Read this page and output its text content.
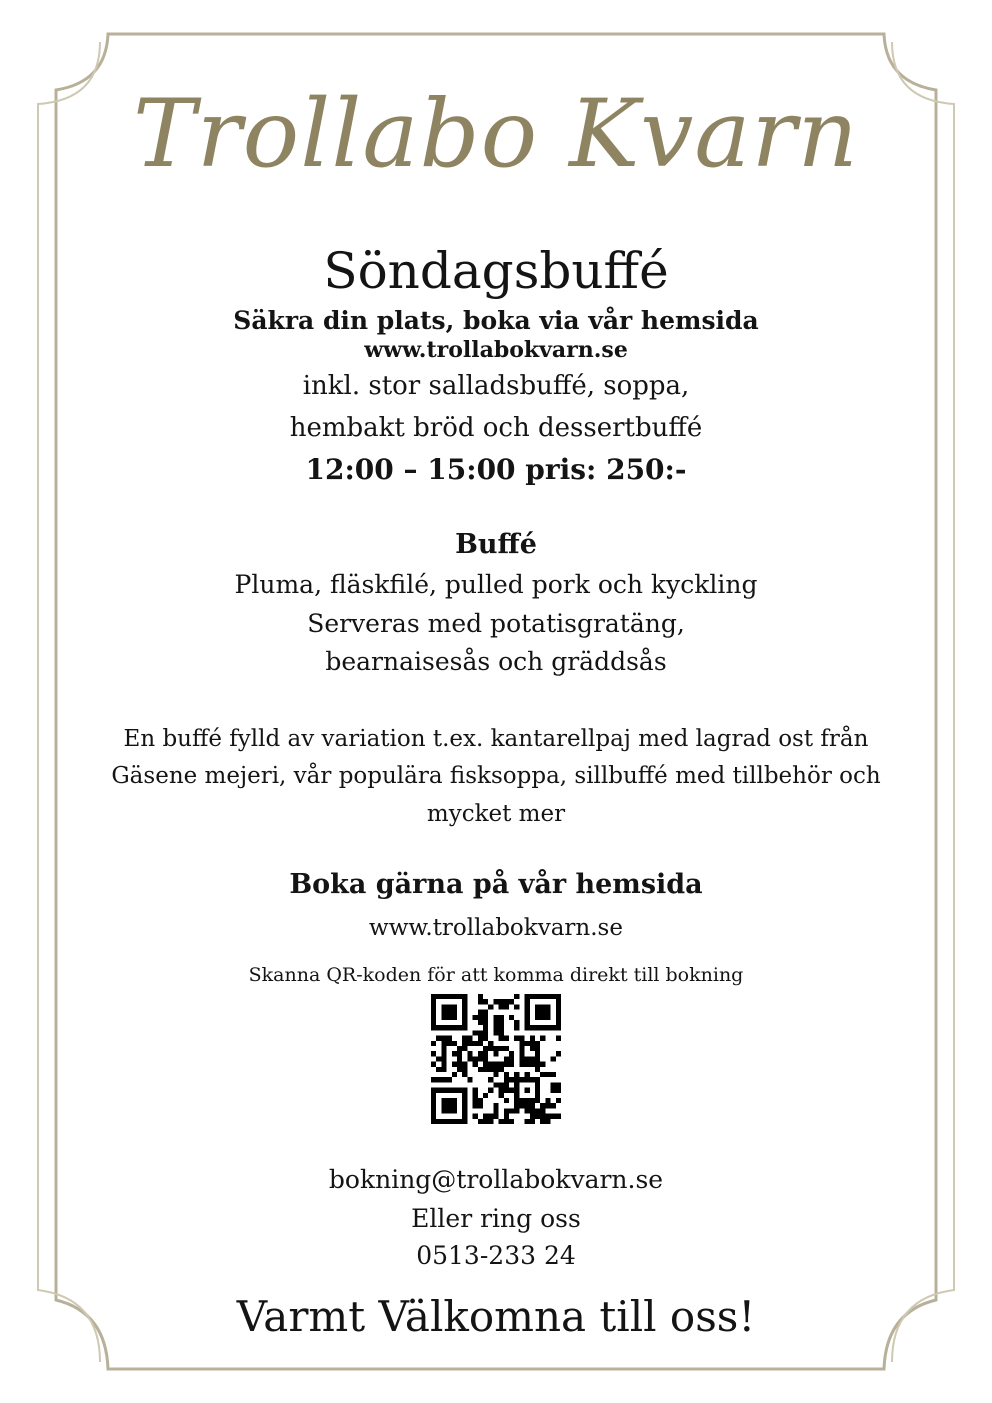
Trollabo Kvarn
Söndagsbuffé
Säkra din plats, boka via vår hemsida
www.trollabokvarn.se
inkl. stor salladsbuffé, soppa,
hembakt bröd och dessertbuffé
12:00 – 15:00 pris: 250:-
Buffé
Pluma, fläskfilé, pulled pork och kyckling
Serveras med potatisgratäng,
bearnaisesås och gräddsås
En buffé fylld av variation t.ex. kantarellpaj med lagrad ost från
Gäsene mejeri, vår populära fisksoppa, sillbuffé med tillbehör och
mycket mer
Boka gärna på vår hemsida
www.trollabokvarn.se
Skanna QR-koden för att komma direkt till bokning
bokning@trollabokvarn.se
Eller ring oss
0513-233 24
Varmt Välkomna till oss!
